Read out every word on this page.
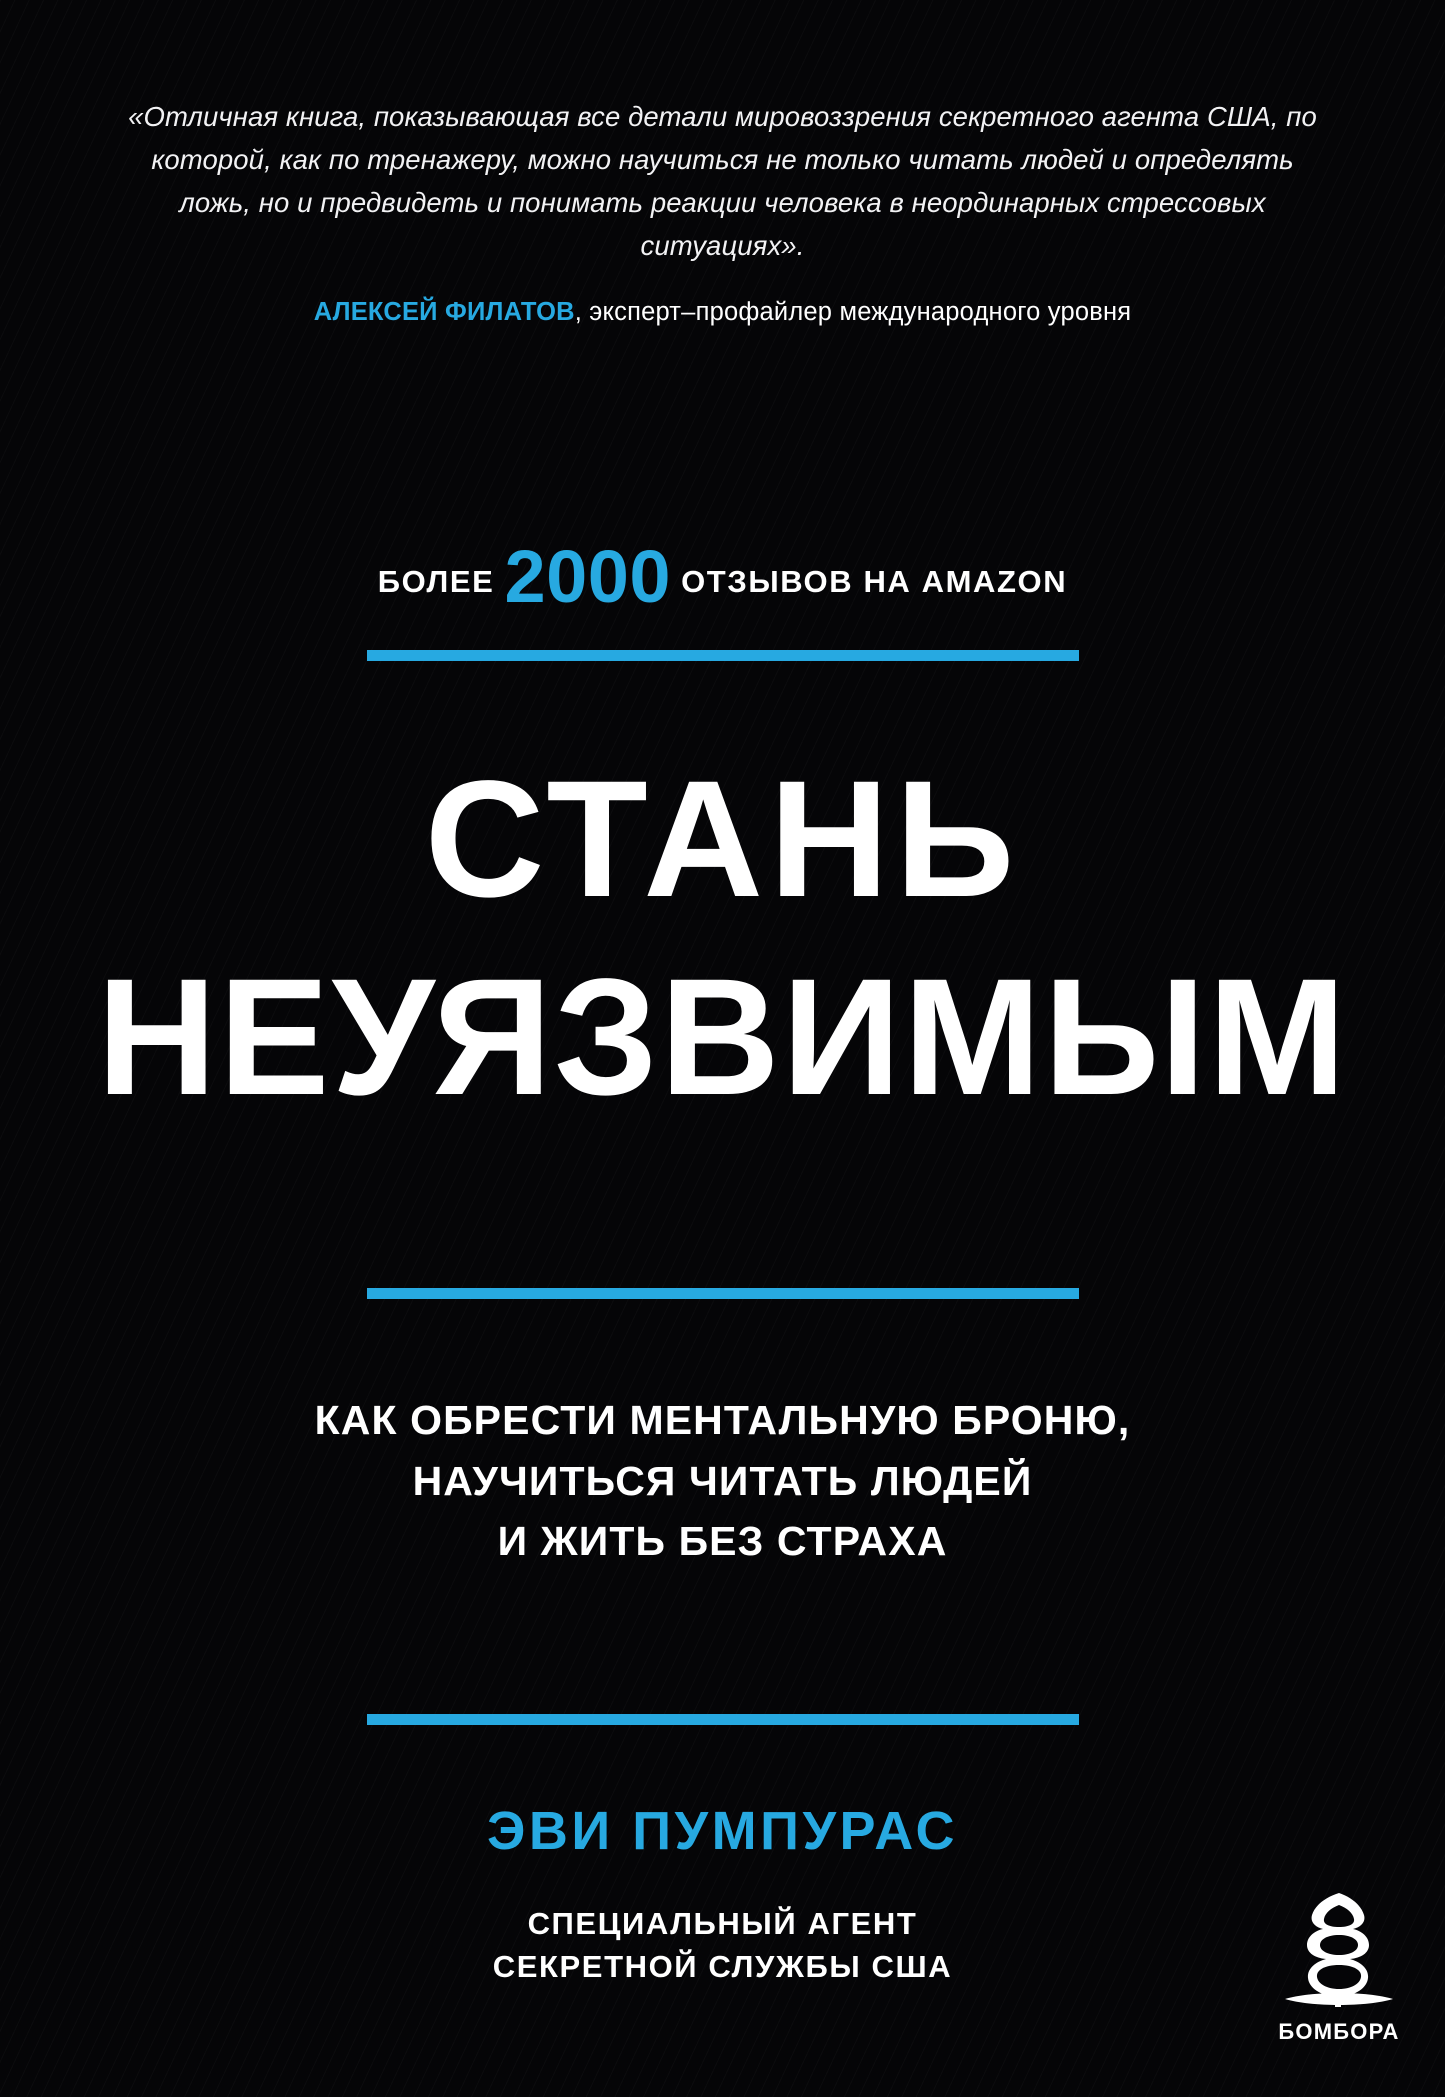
«Отличная книга, показывающая все детали мировоззрения секретного агента США, по которой, как по тренажеру, можно научиться не только читать людей и определять ложь, но и предвидеть и понимать реакции человека в неординарных стрессовых ситуациях».
АЛЕКСЕЙ ФИЛАТОВ, эксперт–профайлер международного уровня
БОЛЕЕ 2000 ОТЗЫВОВ НА AMAZON
СТАНЬ
НЕУЯЗВИМЫМ
КАК ОБРЕСТИ МЕНТАЛЬНУЮ БРОНЮ,
НАУЧИТЬСЯ ЧИТАТЬ ЛЮДЕЙ
И ЖИТЬ БЕЗ СТРАХА
ЭВИ ПУМПУРАС
СПЕЦИАЛЬНЫЙ АГЕНТ
СЕКРЕТНОЙ СЛУЖБЫ США
БОМБОРА
